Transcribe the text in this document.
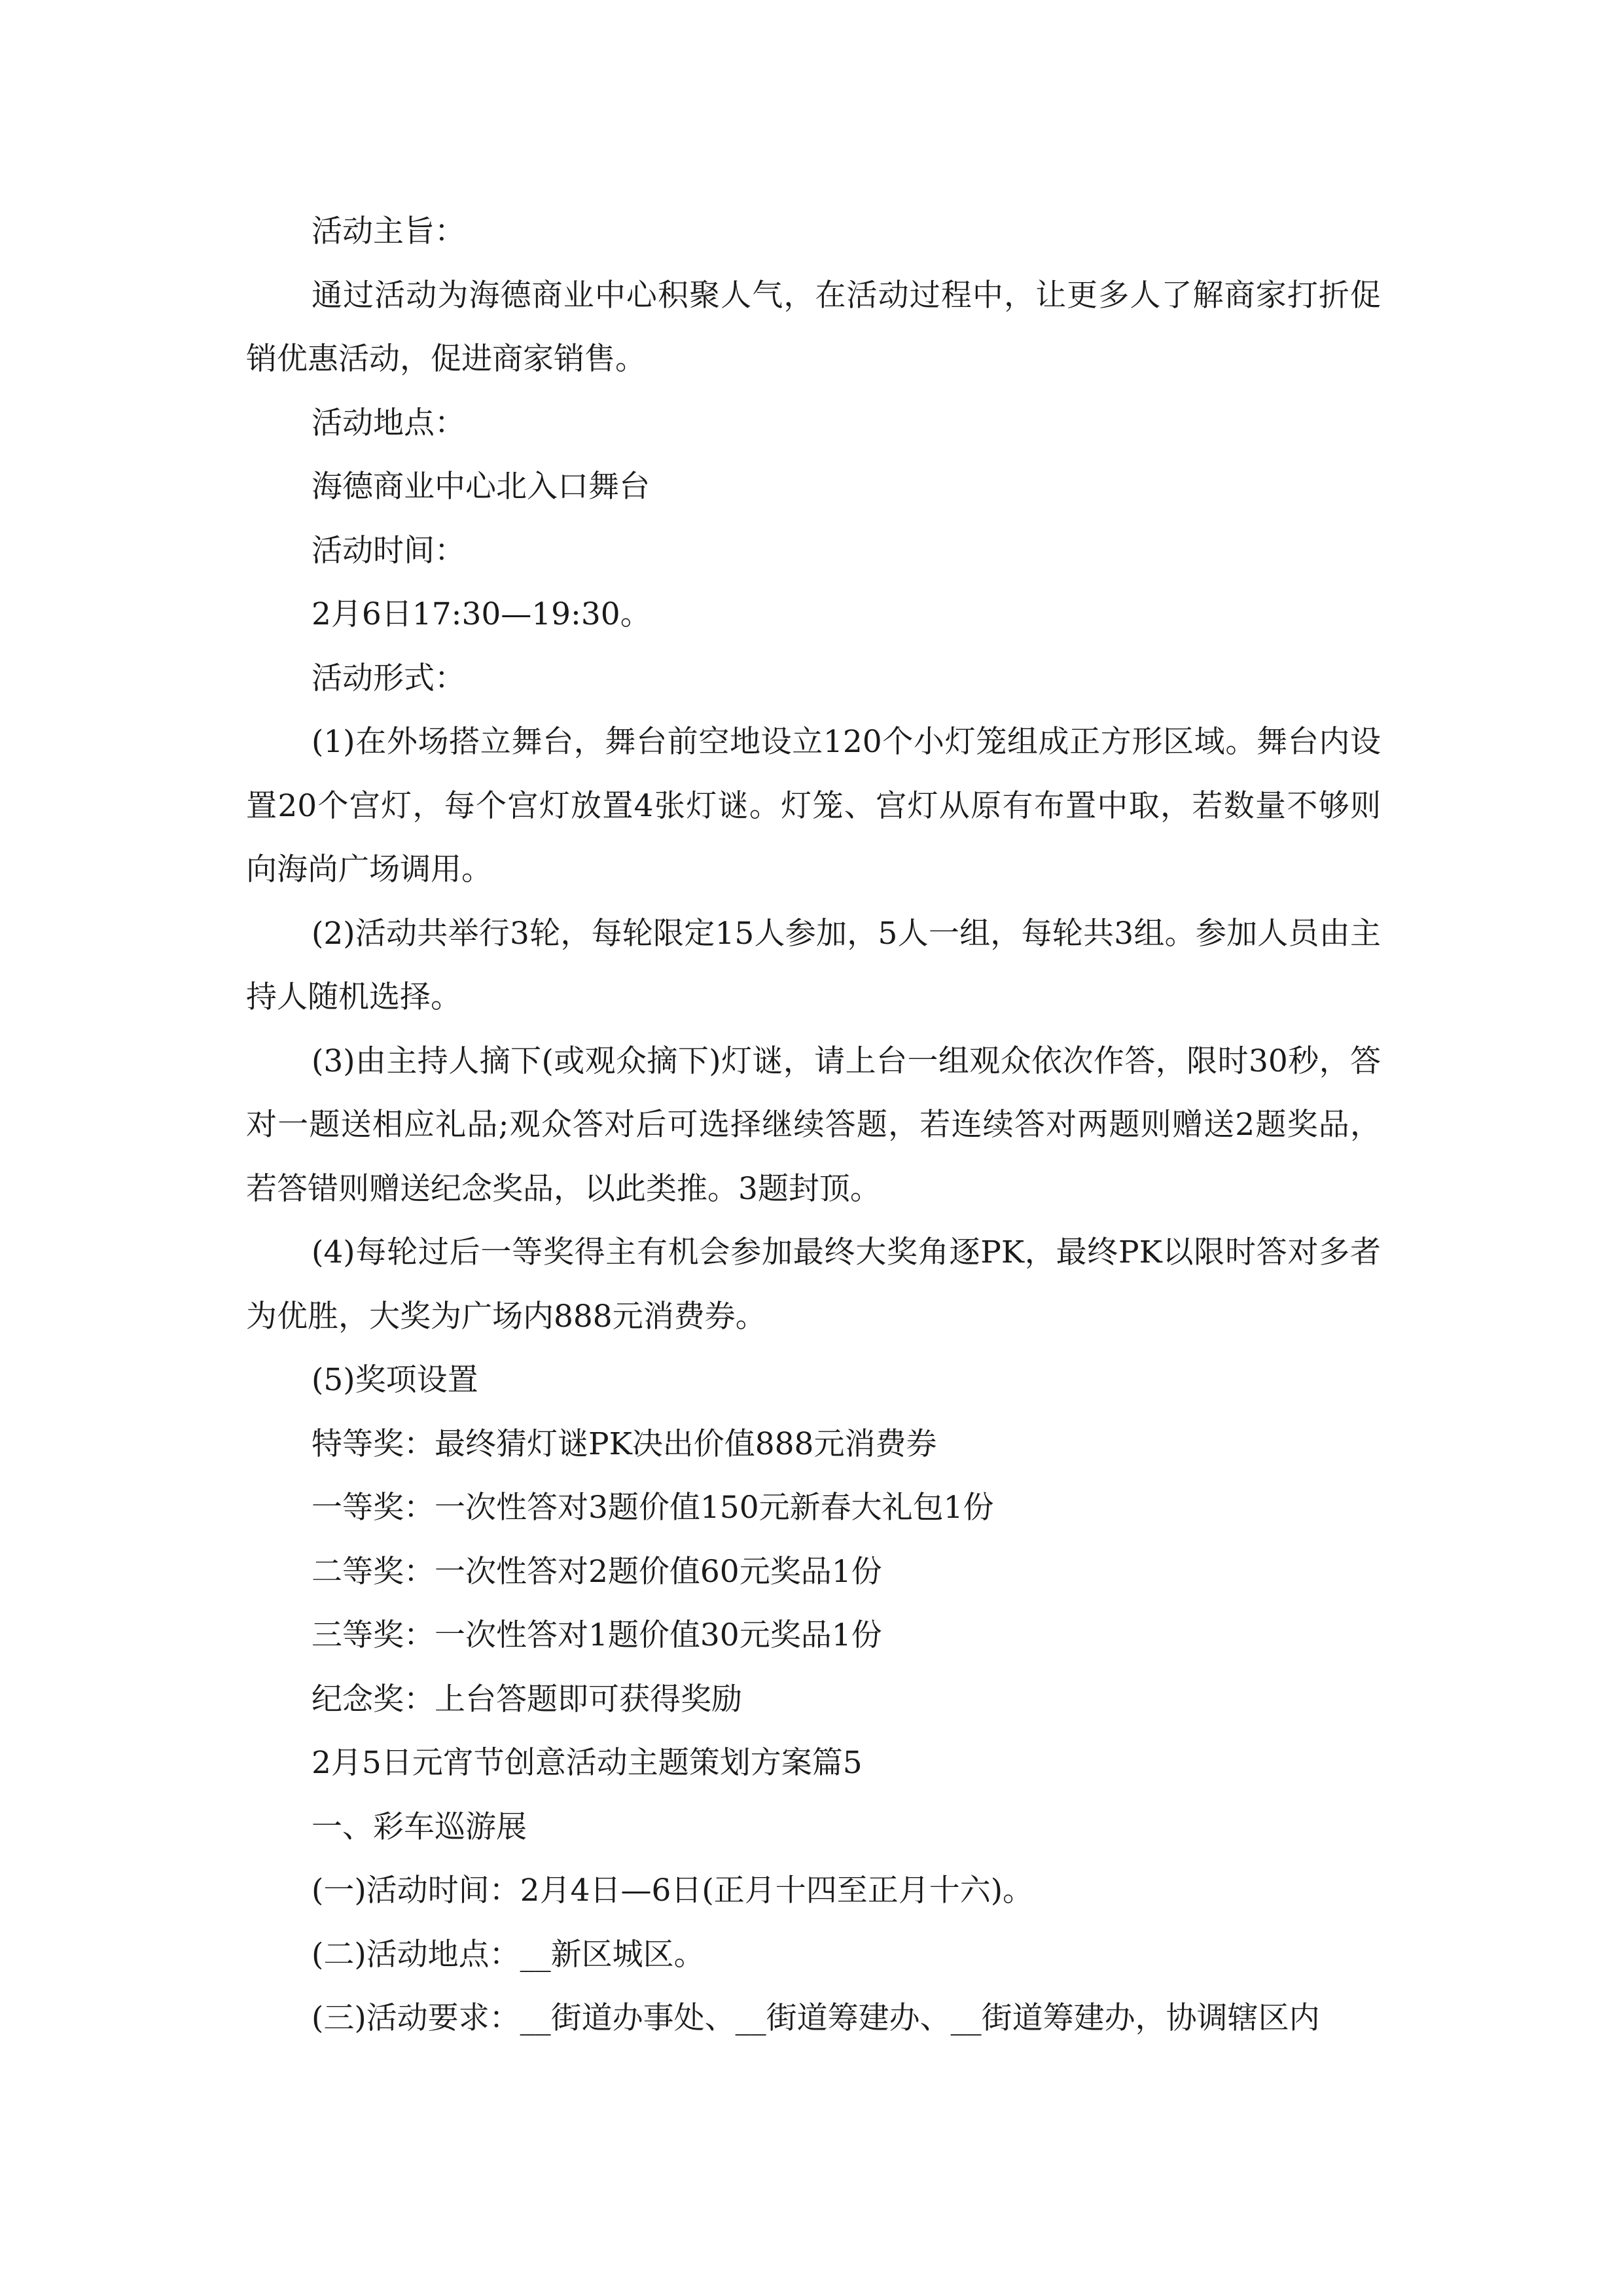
活动主旨：

通过活动为海德商业中心积聚人气，在活动过程中，让更多人了解商家打折促销优惠活动，促进商家销售。

活动地点：

海德商业中心北入口舞台

活动时间：

2月6日17:30—19:30。

活动形式：

(1)在外场搭立舞台，舞台前空地设立120个小灯笼组成正方形区域。舞台内设置20个宫灯，每个宫灯放置4张灯谜。灯笼、宫灯从原有布置中取，若数量不够则向海尚广场调用。

(2)活动共举行3轮，每轮限定15人参加，5人一组，每轮共3组。参加人员由主持人随机选择。

(3)由主持人摘下(或观众摘下)灯谜，请上台一组观众依次作答，限时30秒，答对一题送相应礼品;观众答对后可选择继续答题，若连续答对两题则赠送2题奖品，若答错则赠送纪念奖品，以此类推。3题封顶。

(4)每轮过后一等奖得主有机会参加最终大奖角逐PK，最终PK以限时答对多者为优胜，大奖为广场内888元消费券。

(5)奖项设置

特等奖：最终猜灯谜PK决出价值888元消费券

一等奖：一次性答对3题价值150元新春大礼包1份

二等奖：一次性答对2题价值60元奖品1份

三等奖：一次性答对1题价值30元奖品1份

纪念奖：上台答题即可获得奖励

2月5日元宵节创意活动主题策划方案篇5

一、彩车巡游展

(一)活动时间：2月4日—6日(正月十四至正月十六)。

(二)活动地点：__新区城区。

(三)活动要求：__街道办事处、__街道筹建办、__街道筹建办，协调辖区内
